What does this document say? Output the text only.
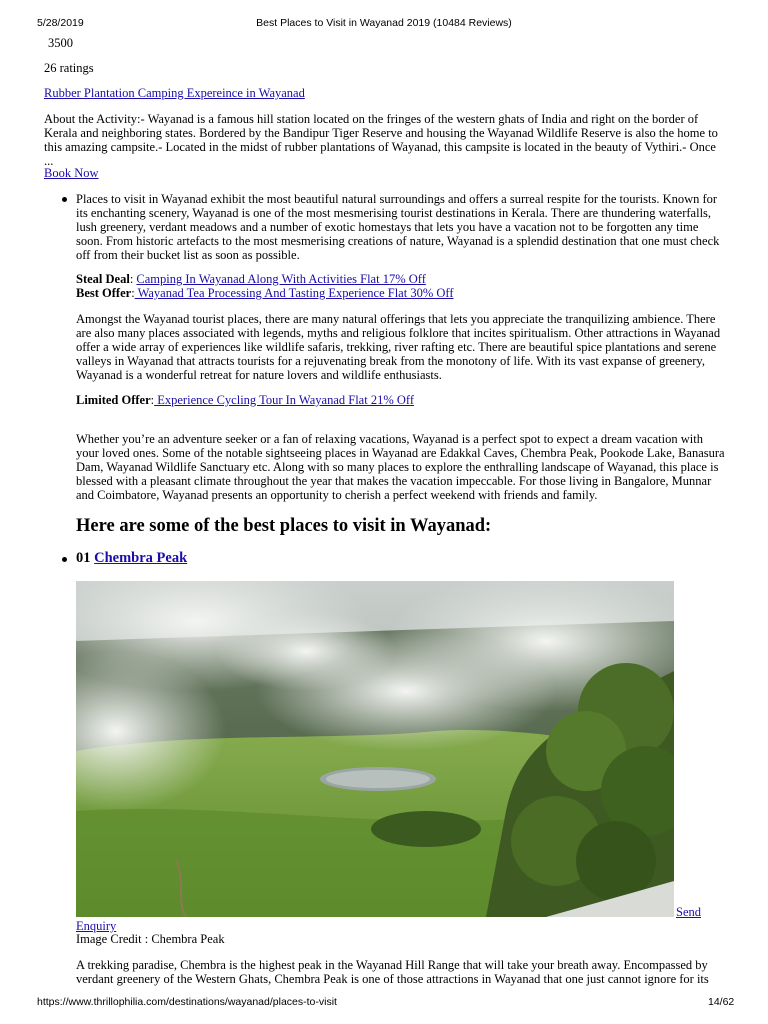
5/28/2019	Best Places to Visit in Wayanad 2019 (10484 Reviews)
3500
26 ratings
Rubber Plantation Camping Expereince in Wayanad

About the Activity:- Wayanad is a famous hill station located on the fringes of the western ghats of India and right on the border of Kerala and neighboring states. Bordered by the Bandipur Tiger Reserve and housing the Wayanad Wildlife Reserve is also the home to this amazing campsite.- Located in the midst of rubber plantations of Wayanad, this campsite is located in the beauty of Vythiri.- Once ...

Book Now

Places to visit in Wayanad exhibit the most beautiful natural surroundings and offers a surreal respite for the tourists. Known for its enchanting scenery, Wayanad is one of the most mesmerising tourist destinations in Kerala. There are thundering waterfalls, lush greenery, verdant meadows and a number of exotic homestays that lets you have a vacation not to be forgotten any time soon. From historic artefacts to the most mesmerising creations of nature, Wayanad is a splendid destination that one must check off from their bucket list as soon as possible.

Steal Deal: Camping In Wayanad Along With Activities Flat 17% Off
Best Offer: Wayanad Tea Processing And Tasting Experience Flat 30% Off

Amongst the Wayanad tourist places, there are many natural offerings that lets you appreciate the tranquilizing ambience. There are also many places associated with legends, myths and religious folklore that incites spiritualism. Other attractions in Wayanad offer a wide array of experiences like wildlife safaris, trekking, river rafting etc. There are beautiful spice plantations and serene valleys in Wayanad that attracts tourists for a rejuvenating break from the monotony of life. With its vast expanse of greenery, Wayanad is a wonderful retreat for nature lovers and wildlife enthusiasts.

Limited Offer: Experience Cycling Tour In Wayanad Flat 21% Off

Whether you’re an adventure seeker or a fan of relaxing vacations, Wayanad is a perfect spot to expect a dream vacation with your loved ones. Some of the notable sightseeing places in Wayanad are Edakkal Caves, Chembra Peak, Pookode Lake, Banasura Dam, Wayanad Wildlife Sanctuary etc. Along with so many places to explore the enthralling landscape of Wayanad, this place is blessed with a pleasant climate throughout the year that makes the vacation impeccable. For those living in Bangalore, Munnar and Coimbatore, Wayanad presents an opportunity to cherish a perfect weekend with friends and family.

Here are some of the best places to visit in Wayanad:
01 Chembra Peak
Send
Enquiry
Image Credit : Chembra Peak

A trekking paradise, Chembra is the highest peak in the Wayanad Hill Range that will take your breath away. Encompassed by verdant greenery of the Western Ghats, Chembra Peak is one of those attractions in Wayanad that one just cannot ignore for its

https://www.thrillophilia.com/destinations/wayanad/places-to-visit	14/62
